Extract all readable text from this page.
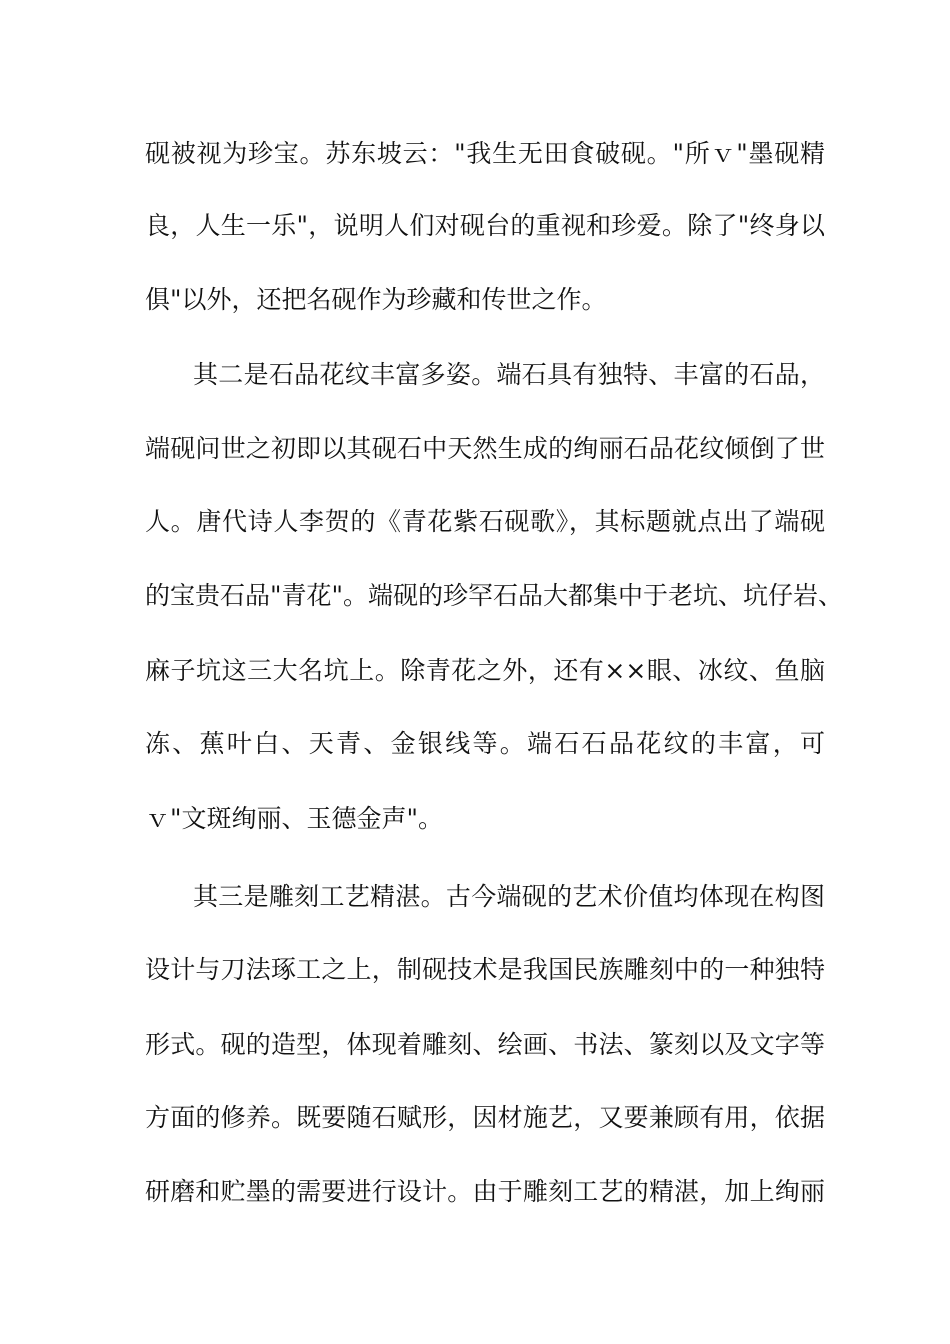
砚被视为珍宝。苏东坡云："我生无田食破砚。"所ｖ"墨砚精
良，人生一乐"，说明人们对砚台的重视和珍爱。除了"终身以
俱"以外，还把名砚作为珍藏和传世之作。
其二是石品花纹丰富多姿。端石具有独特、丰富的石品，
端砚问世之初即以其砚石中天然生成的绚丽石品花纹倾倒了世
人。唐代诗人李贺的《青花紫石砚歌》，其标题就点出了端砚
的宝贵石品"青花"。端砚的珍罕石品大都集中于老坑、坑仔岩、
麻子坑这三大名坑上。除青花之外，还有××眼、冰纹、鱼脑
冻、蕉叶白、天青、金银线等。端石石品花纹的丰富，可
ｖ"文斑绚丽、玉德金声"。
其三是雕刻工艺精湛。古今端砚的艺术价值均体现在构图
设计与刀法琢工之上，制砚技术是我国民族雕刻中的一种独特
形式。砚的造型，体现着雕刻、绘画、书法、篆刻以及文字等
方面的修养。既要随石赋形，因材施艺，又要兼顾有用，依据
研磨和贮墨的需要进行设计。由于雕刻工艺的精湛，加上绚丽
